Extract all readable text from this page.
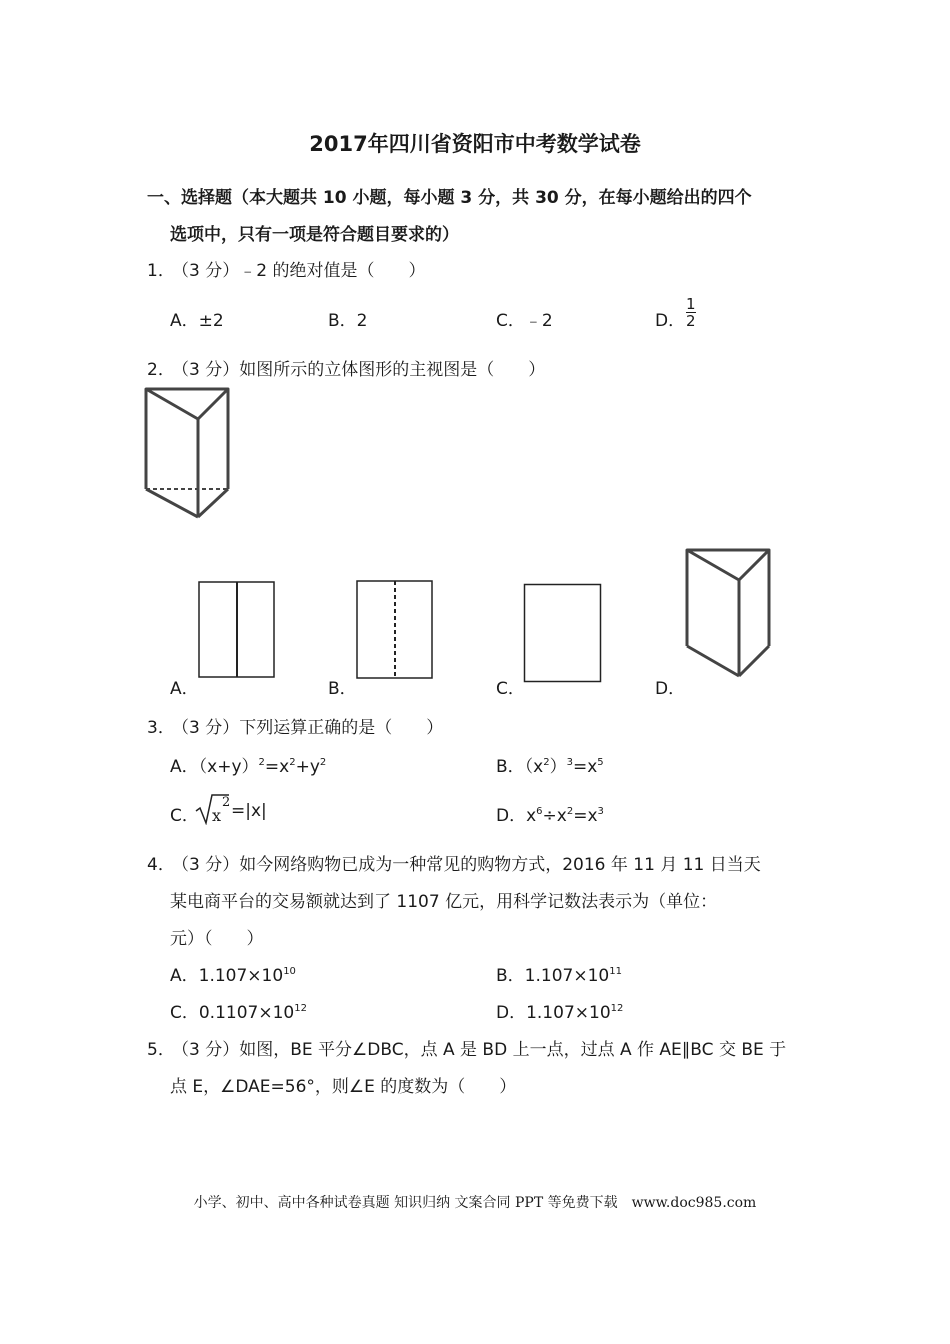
2017年四川省资阳市中考数学试卷
一、选择题（本大题共 10 小题，每小题 3 分，共 30 分，在每小题给出的四个
选项中，只有一项是符合题目要求的）
1．
（3 分）﹣2 的绝对值是（　　）
A．±2	B．2	C．﹣2	D． $\frac{1}{2}$
2．
（3 分）如图所示的立体图形的主视图是（　　）
A．	B．	C．	D．
3．
（3 分）下列运算正确的是（　　）
A．$(x+y)^2=x^2+y^2$	B．$(x^2)^3=x^5$
C． x
2 =|x|	D．$x^6\div x^2=x^3$
4．
（3 分）如今网络购物已成为一种常见的购物方式，2016 年 11 月 11 日当天
某电商平台的交易额就达到了 1107 亿元，用科学记数法表示为（单位：
元）（　　）
A．$1.107\times 10^{10}$	B．$1.107\times 10^{11}$
C．$0.1107\times 10^{12}$	D．$1.107\times 10^{12}$
5．
（3 分）如图，BE 平分∠DBC，点 A 是 BD 上一点，过点 A 作 AE∥BC 交 BE 于
点 E，∠DAE=56°，则∠E 的度数为（　　）
小学、初中、高中各种试卷真题 知识归纳 文案合同 PPT 等免费下载　www.doc985.com
